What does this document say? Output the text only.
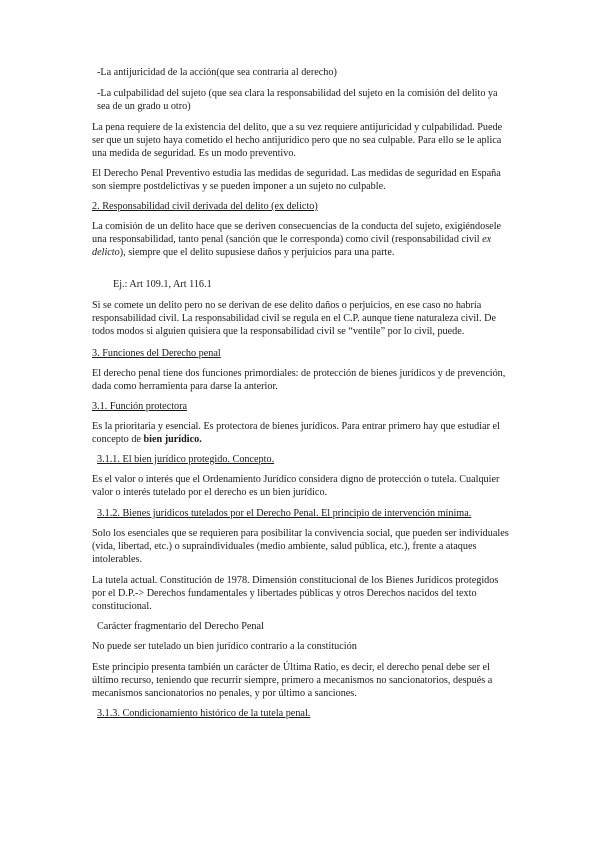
-La antijuricidad de la acción(que sea contraria al derecho)

-La culpabilidad del sujeto (que sea clara la responsabilidad del sujeto en la comisión del delito ya sea de un grado u otro)

La pena requiere de la existencia del delito, que a su vez requiere antijuricidad y culpabilidad. Puede ser que un sujeto haya cometido el hecho antijurídico pero que no sea culpable. Para ello se le aplica una medida de seguridad. Es un modo preventivo.

El Derecho Penal Preventivo estudia las medidas de seguridad. Las medidas de seguridad en España son siempre postdelictivas y se pueden imponer a un sujeto no culpable.

2. Responsabilidad civil derivada del delito (ex delicto)

La comisión de un delito hace que se deriven consecuencias de la conducta del sujeto, exigiéndosele una responsabilidad, tanto penal (sanción que le corresponda) como civil (responsabilidad civil ex delicto), siempre que el delito supusiese daños y perjuicios para una parte.

Ej.: Art 109.1, Art 116.1

Si se comete un delito pero no se derivan de ese delito daños o perjuicios, en ese caso no habría responsabilidad civil. La responsabilidad civil se regula en el C.P. aunque tiene naturaleza civil. De todos modos si alguien quisiera que la responsabilidad civil se “ventile” por lo civil, puede.

3. Funciones del Derecho penal

El derecho penal tiene dos funciones primordiales: de protección de bienes jurídicos y de prevención, dada como herramienta para darse la anterior.

3.1. Función protectora

Es la prioritaria y esencial. Es protectora de bienes jurídicos. Para entrar primero hay que estudiar el concepto de bien jurídico.

3.1.1. El bien jurídico protegido. Concepto.

Es el valor o interés que el Ordenamiento Jurídico considera digno de protección o tutela. Cualquier valor o interés tutelado por el derecho es un bien jurídico.

3.1.2. Bienes jurídicos tutelados por el Derecho Penal. El principio de intervención mínima.

Solo los esenciales que se requieren para posibilitar la convivencia social, que pueden ser individuales (vida, libertad, etc.) o supraindividuales (medio ambiente, salud pública, etc.), frente a ataques intolerables.

La tutela actual. Constitución de 1978. Dimensión constitucional de los Bienes Jurídicos protegidos por el D.P.-> Derechos fundamentales y libertades públicas y otros Derechos nacidos del texto constitucional.

Carácter fragmentario del Derecho Penal

No puede ser tutelado un bien jurídico contrario a la constitución

Este principio presenta también un carácter de Última Ratio, es decir, el derecho penal debe ser el último recurso, teniendo que recurrir siempre, primero a mecanismos no sancionatorios, después a mecanismos sancionatorios no penales, y por último a sanciones.

3.1.3. Condicionamiento histórico de la tutela penal.
